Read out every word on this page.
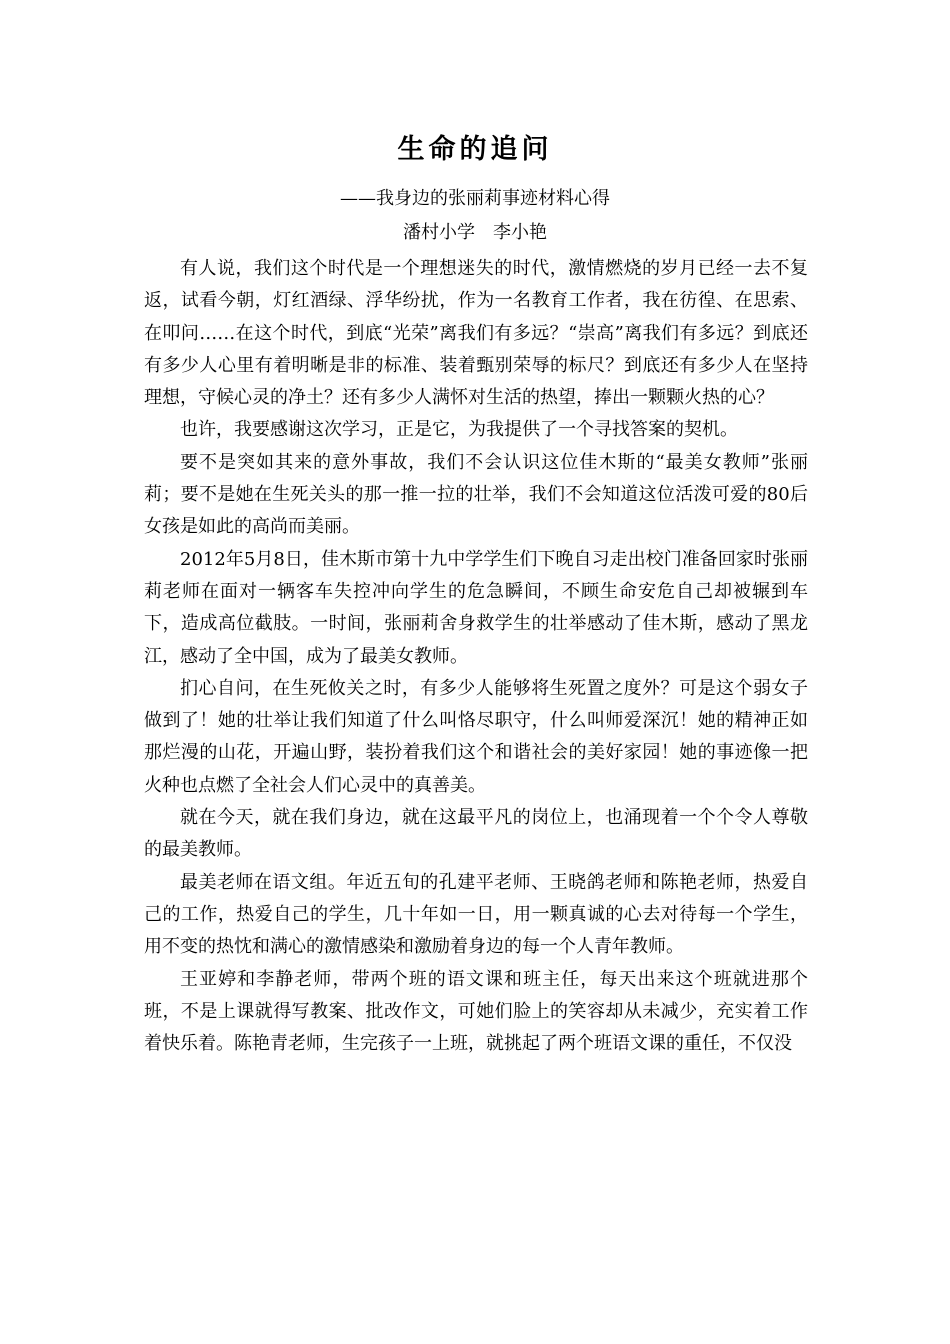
生命的追问
——我身边的张丽莉事迹材料心得
潘村小学　李小艳

有人说，我们这个时代是一个理想迷失的时代，激情燃烧的岁月已经一去不复返，试看今朝，灯红酒绿、浮华纷扰，作为一名教育工作者，我在彷徨、在思索、在叩问……在这个时代，到底“光荣”离我们有多远？“崇高”离我们有多远？到底还有多少人心里有着明晰是非的标准、装着甄别荣辱的标尺？到底还有多少人在坚持理想，守候心灵的净土？还有多少人满怀对生活的热望，捧出一颗颗火热的心？

也许，我要感谢这次学习，正是它，为我提供了一个寻找答案的契机。

要不是突如其来的意外事故，我们不会认识这位佳木斯的“最美女教师”张丽莉；要不是她在生死关头的那一推一拉的壮举，我们不会知道这位活泼可爱的80后女孩是如此的高尚而美丽。

2012年5月8日，佳木斯市第十九中学学生们下晚自习走出校门准备回家时张丽莉老师在面对一辆客车失控冲向学生的危急瞬间，不顾生命安危自己却被辗到车下，造成高位截肢。一时间，张丽莉舍身救学生的壮举感动了佳木斯，感动了黑龙江，感动了全中国，成为了最美女教师。

扪心自问，在生死攸关之时，有多少人能够将生死置之度外？可是这个弱女子做到了！她的壮举让我们知道了什么叫恪尽职守，什么叫师爱深沉！她的精神正如那烂漫的山花，开遍山野，装扮着我们这个和谐社会的美好家园！她的事迹像一把火种也点燃了全社会人们心灵中的真善美。

就在今天，就在我们身边，就在这最平凡的岗位上，也涌现着一个个令人尊敬的最美教师。

最美老师在语文组。年近五旬的孔建平老师、王晓鸽老师和陈艳老师，热爱自己的工作，热爱自己的学生，几十年如一日，用一颗真诚的心去对待每一个学生，用不变的热忱和满心的激情感染和激励着身边的每一个人青年教师。

王亚婷和李静老师，带两个班的语文课和班主任，每天出来这个班就进那个班，不是上课就得写教案、批改作文，可她们脸上的笑容却从未减少，充实着工作着快乐着。陈艳青老师，生完孩子一上班，就挑起了两个班语文课的重任，不仅没
